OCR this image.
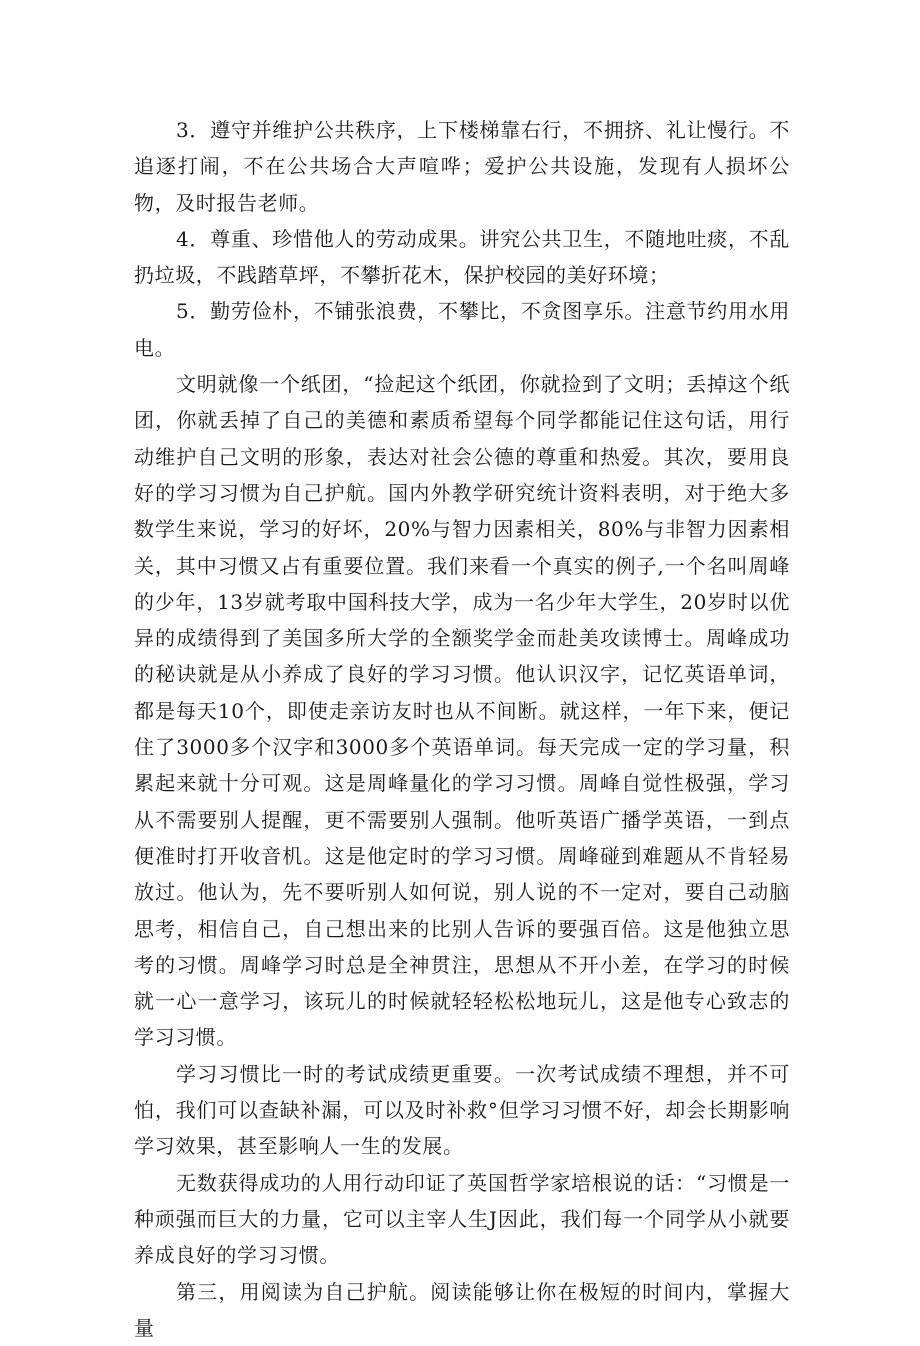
3．遵守并维护公共秩序，上下楼梯靠右行，不拥挤、礼让慢行。不追逐打闹，不在公共场合大声喧哗；爱护公共设施，发现有人损坏公物，及时报告老师。

4．尊重、珍惜他人的劳动成果。讲究公共卫生，不随地吐痰，不乱扔垃圾，不践踏草坪，不攀折花木，保护校园的美好环境；

5．勤劳俭朴，不铺张浪费，不攀比，不贪图享乐。注意节约用水用电。

文明就像一个纸团，“捡起这个纸团，你就捡到了文明；丢掉这个纸团，你就丢掉了自己的美德和素质希望每个同学都能记住这句话，用行动维护自己文明的形象，表达对社会公德的尊重和热爱。其次，要用良好的学习习惯为自己护航。国内外教学研究统计资料表明，对于绝大多数学生来说，学习的好坏，20%与智力因素相关，80%与非智力因素相关，其中习惯又占有重要位置。我们来看一个真实的例子,一个名叫周峰的少年，13岁就考取中国科技大学，成为一名少年大学生，20岁时以优异的成绩得到了美国多所大学的全额奖学金而赴美攻读博士。周峰成功的秘诀就是从小养成了良好的学习习惯。他认识汉字，记忆英语单词，都是每天10个，即使走亲访友时也从不间断。就这样，一年下来，便记住了3000多个汉字和3000多个英语单词。每天完成一定的学习量，积累起来就十分可观。这是周峰量化的学习习惯。周峰自觉性极强，学习从不需要别人提醒，更不需要别人强制。他听英语广播学英语，一到点便准时打开收音机。这是他定时的学习习惯。周峰碰到难题从不肯轻易放过。他认为，先不要听别人如何说，别人说的不一定对，要自己动脑思考，相信自己，自己想出来的比别人告诉的要强百倍。这是他独立思考的习惯。周峰学习时总是全神贯注，思想从不开小差，在学习的时候就一心一意学习，该玩儿的时候就轻轻松松地玩儿，这是他专心致志的学习习惯。

学习习惯比一时的考试成绩更重要。一次考试成绩不理想，并不可怕，我们可以查缺补漏，可以及时补救°但学习习惯不好，却会长期影响学习效果，甚至影响人一生的发展。

无数获得成功的人用行动印证了英国哲学家培根说的话：“习惯是一种顽强而巨大的力量，它可以主宰人生J因此，我们每一个同学从小就要养成良好的学习习惯。

第三，用阅读为自己护航。阅读能够让你在极短的时间内，掌握大量
